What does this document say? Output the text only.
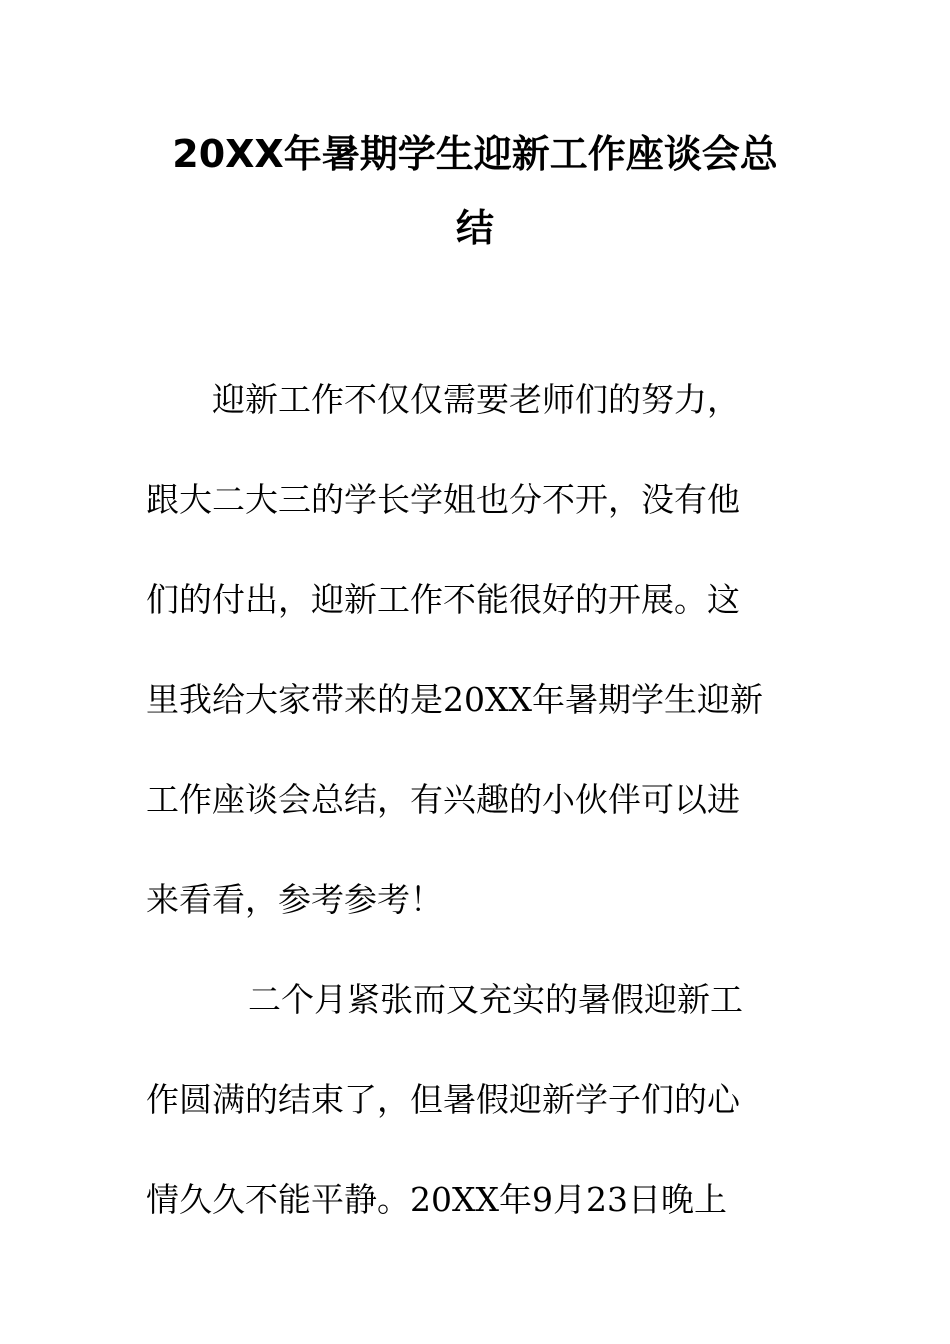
20XX年暑期学生迎新工作座谈会总
结
迎新工作不仅仅需要老师们的努力，
跟大二大三的学长学姐也分不开，没有他
们的付出，迎新工作不能很好的开展。这
里我给大家带来的是20XX年暑期学生迎新
工作座谈会总结，有兴趣的小伙伴可以进
来看看，参考参考！
二个月紧张而又充实的暑假迎新工
作圆满的结束了，但暑假迎新学子们的心
情久久不能平静。20XX年9月23日晚上
